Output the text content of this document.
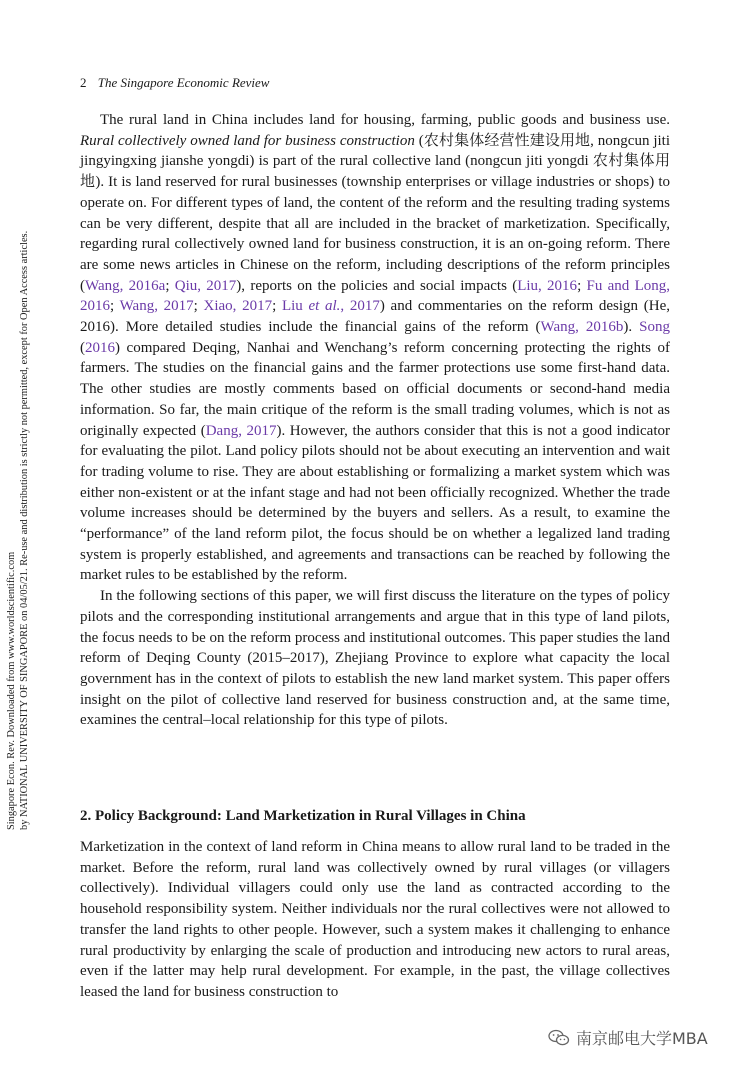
2 The Singapore Economic Review
Singapore Econ. Rev. Downloaded from www.worldscientific.com by NATIONAL UNIVERSITY OF SINGAPORE on 04/05/21. Re-use and distribution is strictly not permitted, except for Open Access articles.

The rural land in China includes land for housing, farming, public goods and business use. Rural collectively owned land for business construction (农村集体经营性建设用地, nongcun jiti jingyingxing jianshe yongdi) is part of the rural collective land (nongcun jiti yongdi 农村集体用地). It is land reserved for rural businesses (township enterprises or village industries or shops) to operate on. For different types of land, the content of the reform and the resulting trading systems can be very different, despite that all are included in the bracket of marketization. Specifically, regarding rural collectively owned land for business construction, it is an on-going reform. There are some news articles in Chinese on the reform, including descriptions of the reform principles (Wang, 2016a; Qiu, 2017), reports on the policies and social impacts (Liu, 2016; Fu and Long, 2016; Wang, 2017; Xiao, 2017; Liu et al., 2017) and commentaries on the reform design (He, 2016). More detailed studies include the financial gains of the reform (Wang, 2016b). Song (2016) compared Deqing, Nanhai and Wenchang’s reform concerning protecting the rights of farmers. The studies on the financial gains and the farmer protections use some first-hand data. The other studies are mostly comments based on official documents or second-hand media information. So far, the main critique of the reform is the small trading volumes, which is not as originally expected (Dang, 2017). However, the authors consider that this is not a good indicator for evaluating the pilot. Land policy pilots should not be about executing an intervention and wait for trading volume to rise. They are about establishing or formalizing a market system which was either non-existent or at the infant stage and had not been officially recognized. Whether the trade volume increases should be determined by the buyers and sellers. As a result, to examine the “performance” of the land reform pilot, the focus should be on whether a legalized land trading system is properly established, and agreements and transactions can be reached by following the market rules to be established by the reform.

In the following sections of this paper, we will first discuss the literature on the types of policy pilots and the corresponding institutional arrangements and argue that in this type of land pilots, the focus needs to be on the reform process and institutional outcomes. This paper studies the land reform of Deqing County (2015–2017), Zhejiang Province to explore what capacity the local government has in the context of pilots to establish the new land market system. This paper offers insight on the pilot of collective land reserved for business construction and, at the same time, examines the central–local relationship for this type of pilots.

2. Policy Background: Land Marketization in Rural Villages in China

Marketization in the context of land reform in China means to allow rural land to be traded in the market. Before the reform, rural land was collectively owned by rural villages (or villagers collectively). Individual villagers could only use the land as contracted according to the household responsibility system. Neither individuals nor the rural collectives were not allowed to transfer the land rights to other people. However, such a system makes it challenging to enhance rural productivity by enlarging the scale of production and introducing new actors to rural areas, even if the latter may help rural development. For example, in the past, the village collectives leased the land for business construction to

南京邮电大学MBA
